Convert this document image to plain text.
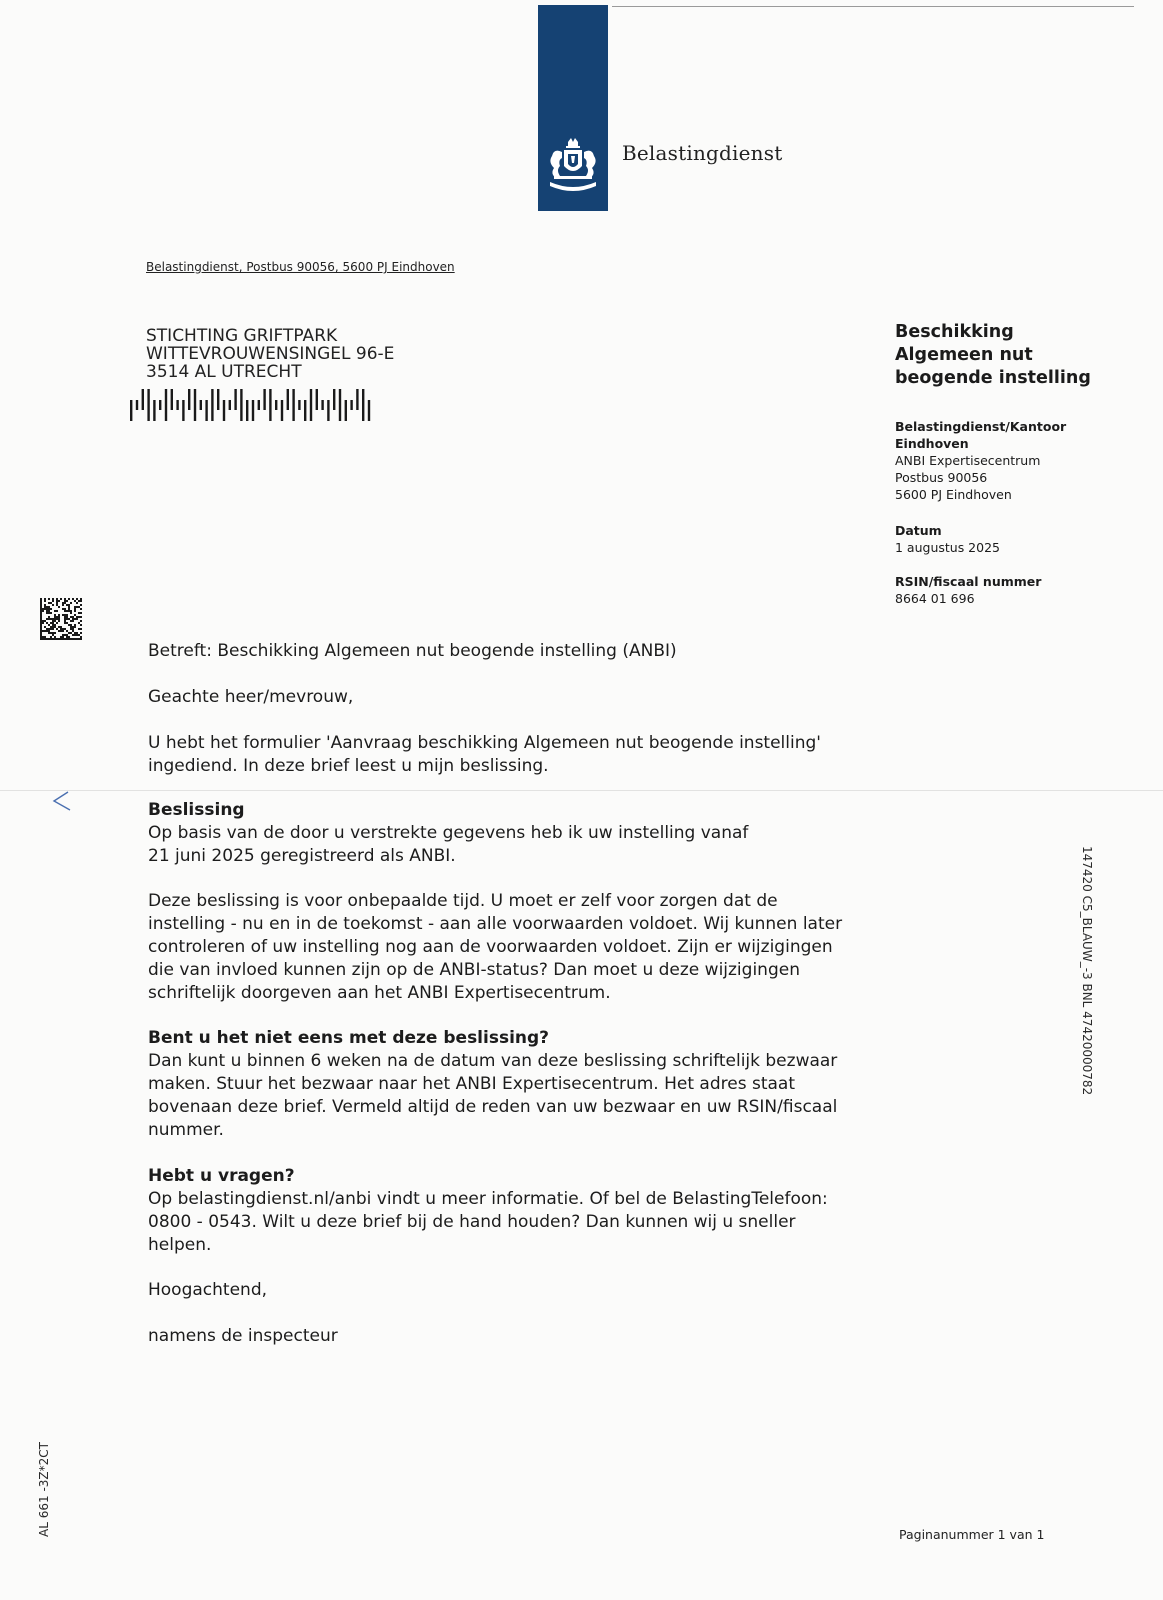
Belastingdienst
Belastingdienst, Postbus 90056, 5600 PJ Eindhoven
STICHTING GRIFTPARK
WITTEVROUWENSINGEL 96-E
3514 AL UTRECHT
Beschikking
Algemeen nut
beogende instelling
Belastingdienst/Kantoor
Eindhoven
ANBI Expertisecentrum
Postbus 90056
5600 PJ Eindhoven
Datum
1 augustus 2025
RSIN/fiscaal nummer
8664 01 696
Betreft: Beschikking Algemeen nut beogende instelling (ANBI)
Geachte heer/mevrouw,

U hebt het formulier 'Aanvraag beschikking Algemeen nut beogende instelling'

ingediend. In deze brief leest u mijn beslissing.

Beslissing

Op basis van de door u verstrekte gegevens heb ik uw instelling vanaf

21 juni 2025 geregistreerd als ANBI.

Deze beslissing is voor onbepaalde tijd. U moet er zelf voor zorgen dat de

instelling - nu en in de toekomst - aan alle voorwaarden voldoet. Wij kunnen later

controleren of uw instelling nog aan de voorwaarden voldoet. Zijn er wijzigingen

die van invloed kunnen zijn op de ANBI-status? Dan moet u deze wijzigingen

schriftelijk doorgeven aan het ANBI Expertisecentrum.

Bent u het niet eens met deze beslissing?

Dan kunt u binnen 6 weken na de datum van deze beslissing schriftelijk bezwaar

maken. Stuur het bezwaar naar het ANBI Expertisecentrum. Het adres staat

bovenaan deze brief. Vermeld altijd de reden van uw bezwaar en uw RSIN/fiscaal

nummer.

Hebt u vragen?

Op belastingdienst.nl/anbi vindt u meer informatie. Of bel de BelastingTelefoon:

0800 - 0543. Wilt u deze brief bij de hand houden? Dan kunnen wij u sneller

helpen.

Hoogachtend,
namens de inspecteur
147420 C5_BLAUW_-3 BNL 47420000782
AL 661 -3Z*2CT	Paginanummer 1 van 1
